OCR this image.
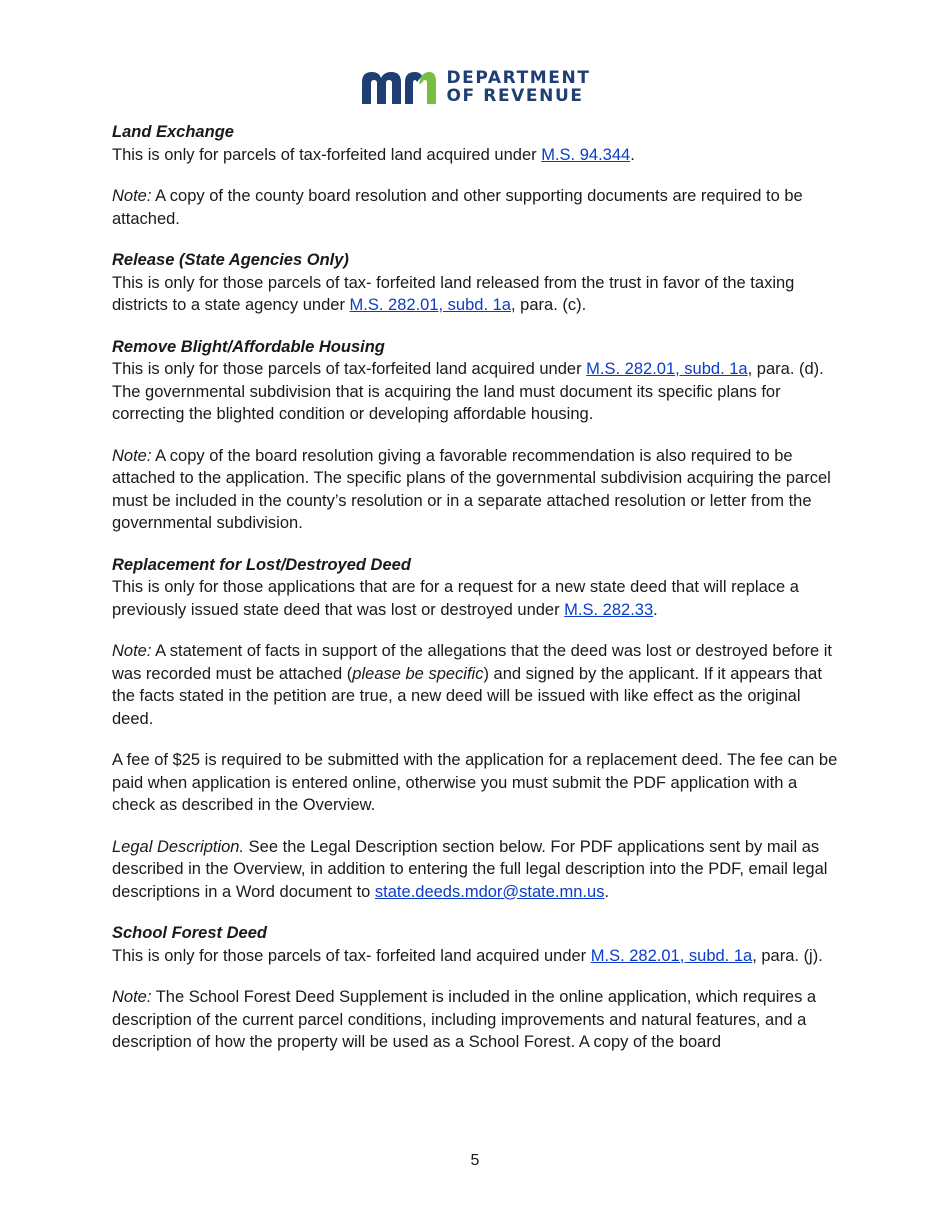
DEPARTMENT
OF REVENUE

Land Exchange

This is only for parcels of tax-forfeited land acquired under M.S. 94.344.

Note: A copy of the county board resolution and other supporting documents are required to be attached.

Release (State Agencies Only)

This is only for those parcels of tax- forfeited land released from the trust in favor of the taxing districts to a state agency under M.S. 282.01, subd. 1a, para. (c).

Remove Blight/Affordable Housing

This is only for those parcels of tax-forfeited land acquired under M.S. 282.01, subd. 1a, para. (d). The governmental subdivision that is acquiring the land must document its specific plans for correcting the blighted condition or developing affordable housing.

Note: A copy of the board resolution giving a favorable recommendation is also required to be attached to the application. The specific plans of the governmental subdivision acquiring the parcel must be included in the county’s resolution or in a separate attached resolution or letter from the governmental subdivision.

Replacement for Lost/Destroyed Deed

This is only for those applications that are for a request for a new state deed that will replace a previously issued state deed that was lost or destroyed under M.S. 282.33.

Note: A statement of facts in support of the allegations that the deed was lost or destroyed before it was recorded must be attached (please be specific) and signed by the applicant. If it appears that the facts stated in the petition are true, a new deed will be issued with like effect as the original deed.

A fee of $25 is required to be submitted with the application for a replacement deed. The fee can be paid when application is entered online, otherwise you must submit the PDF application with a check as described in the Overview.

Legal Description. See the Legal Description section below. For PDF applications sent by mail as described in the Overview, in addition to entering the full legal description into the PDF, email legal descriptions in a Word document to state.deeds.mdor@state.mn.us.

School Forest Deed

This is only for those parcels of tax- forfeited land acquired under M.S. 282.01, subd. 1a, para. (j).

Note: The School Forest Deed Supplement is included in the online application, which requires a description of the current parcel conditions, including improvements and natural features, and a description of how the property will be used as a School Forest. A copy of the board

5
